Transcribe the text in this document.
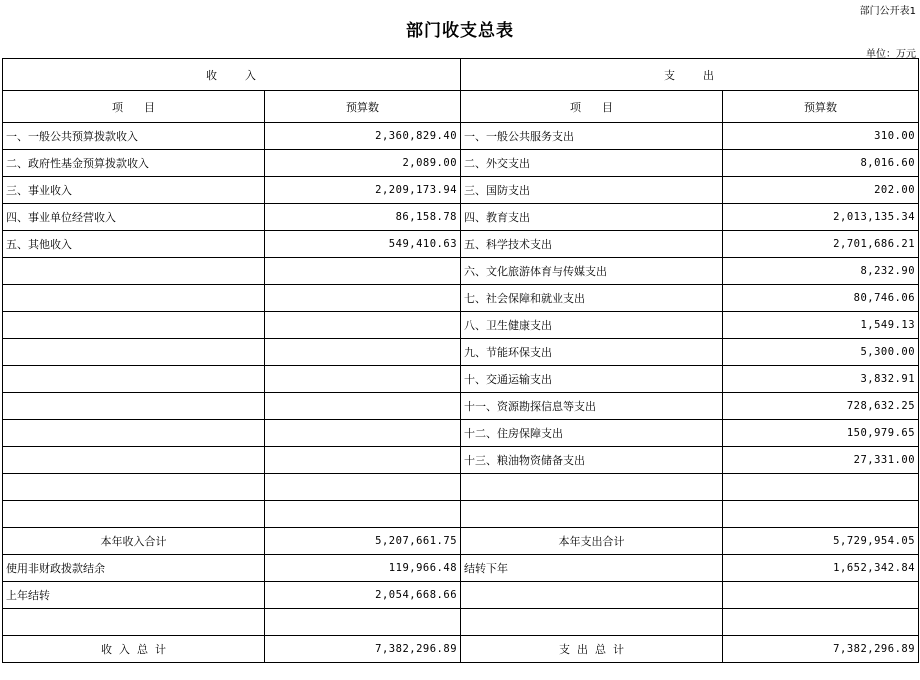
部门公开表1
部门收支总表
单位：万元
收      入		支      出	
项      目	预算数	项      目	预算数
一、一般公共预算拨款收入	2,360,829.40	一、一般公共服务支出	310.00
二、政府性基金预算拨款收入	2,089.00	二、外交支出	8,016.60
三、事业收入	2,209,173.94	三、国防支出	202.00
四、事业单位经营收入	86,158.78	四、教育支出	2,013,135.34
五、其他收入	549,410.63	五、科学技术支出	2,701,686.21
		六、文化旅游体育与传媒支出	8,232.90
		七、社会保障和就业支出	80,746.06
		八、卫生健康支出	1,549.13
		九、节能环保支出	5,300.00
		十、交通运输支出	3,832.91
		十一、资源勘探信息等支出	728,632.25
		十二、住房保障支出	150,979.65
		十三、粮油物资储备支出	27,331.00

本年收入合计	5,207,661.75	本年支出合计	5,729,954.05
使用非财政拨款结余	119,966.48	结转下年	1,652,342.84
上年结转	2,054,668.66		

收  入  总  计	7,382,296.89	支  出  总  计	7,382,296.89
